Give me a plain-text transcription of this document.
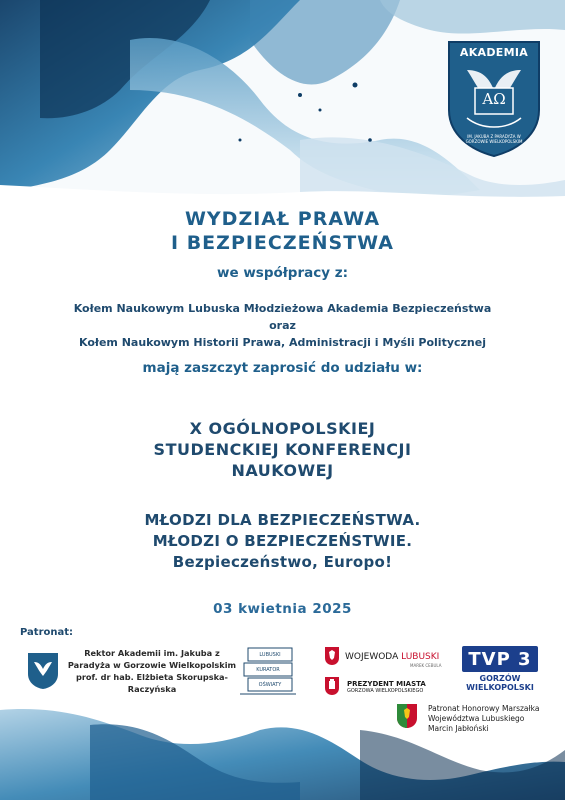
AKADEMIA
AΩ
IM. JAKUBA Z PARADYŻA W GORZOWIE WIELKOPOLSKIM
WYDZIAŁ PRAWA
I BEZPIECZEŃSTWA
we współpracy z:
Kołem Naukowym Lubuska Młodzieżowa Akademia Bezpieczeństwa
oraz
Kołem Naukowym Historii Prawa, Administracji i Myśli Politycznej
mają zaszczyt zaprosić do udziału w:
X OGÓLNOPOLSKIEJ
STUDENCKIEJ KONFERENCJI
NAUKOWEJ
MŁODZI DLA BEZPIECZEŃSTWA.
MŁODZI O BEZPIECZEŃSTWIE.
Bezpieczeństwo, Europo!
03 kwietnia 2025
Patronat:
Rektor Akademii im. Jakuba z
Paradyża w Gorzowie Wielkopolskim
prof. dr hab. Elżbieta Skorupska-
Raczyńska
LUBUSKI
KURATOR
OŚWIATY
WOJEWODA LUBUSKI
MAREK CEBULA
PREZYDENT MIASTA
GORZOWA WIELKOPOLSKIEGO
TVP 3
GORZÓW
WIELKOPOLSKI
Patronat Honorowy Marszałka
Województwa Lubuskiego
Marcin Jabłoński
